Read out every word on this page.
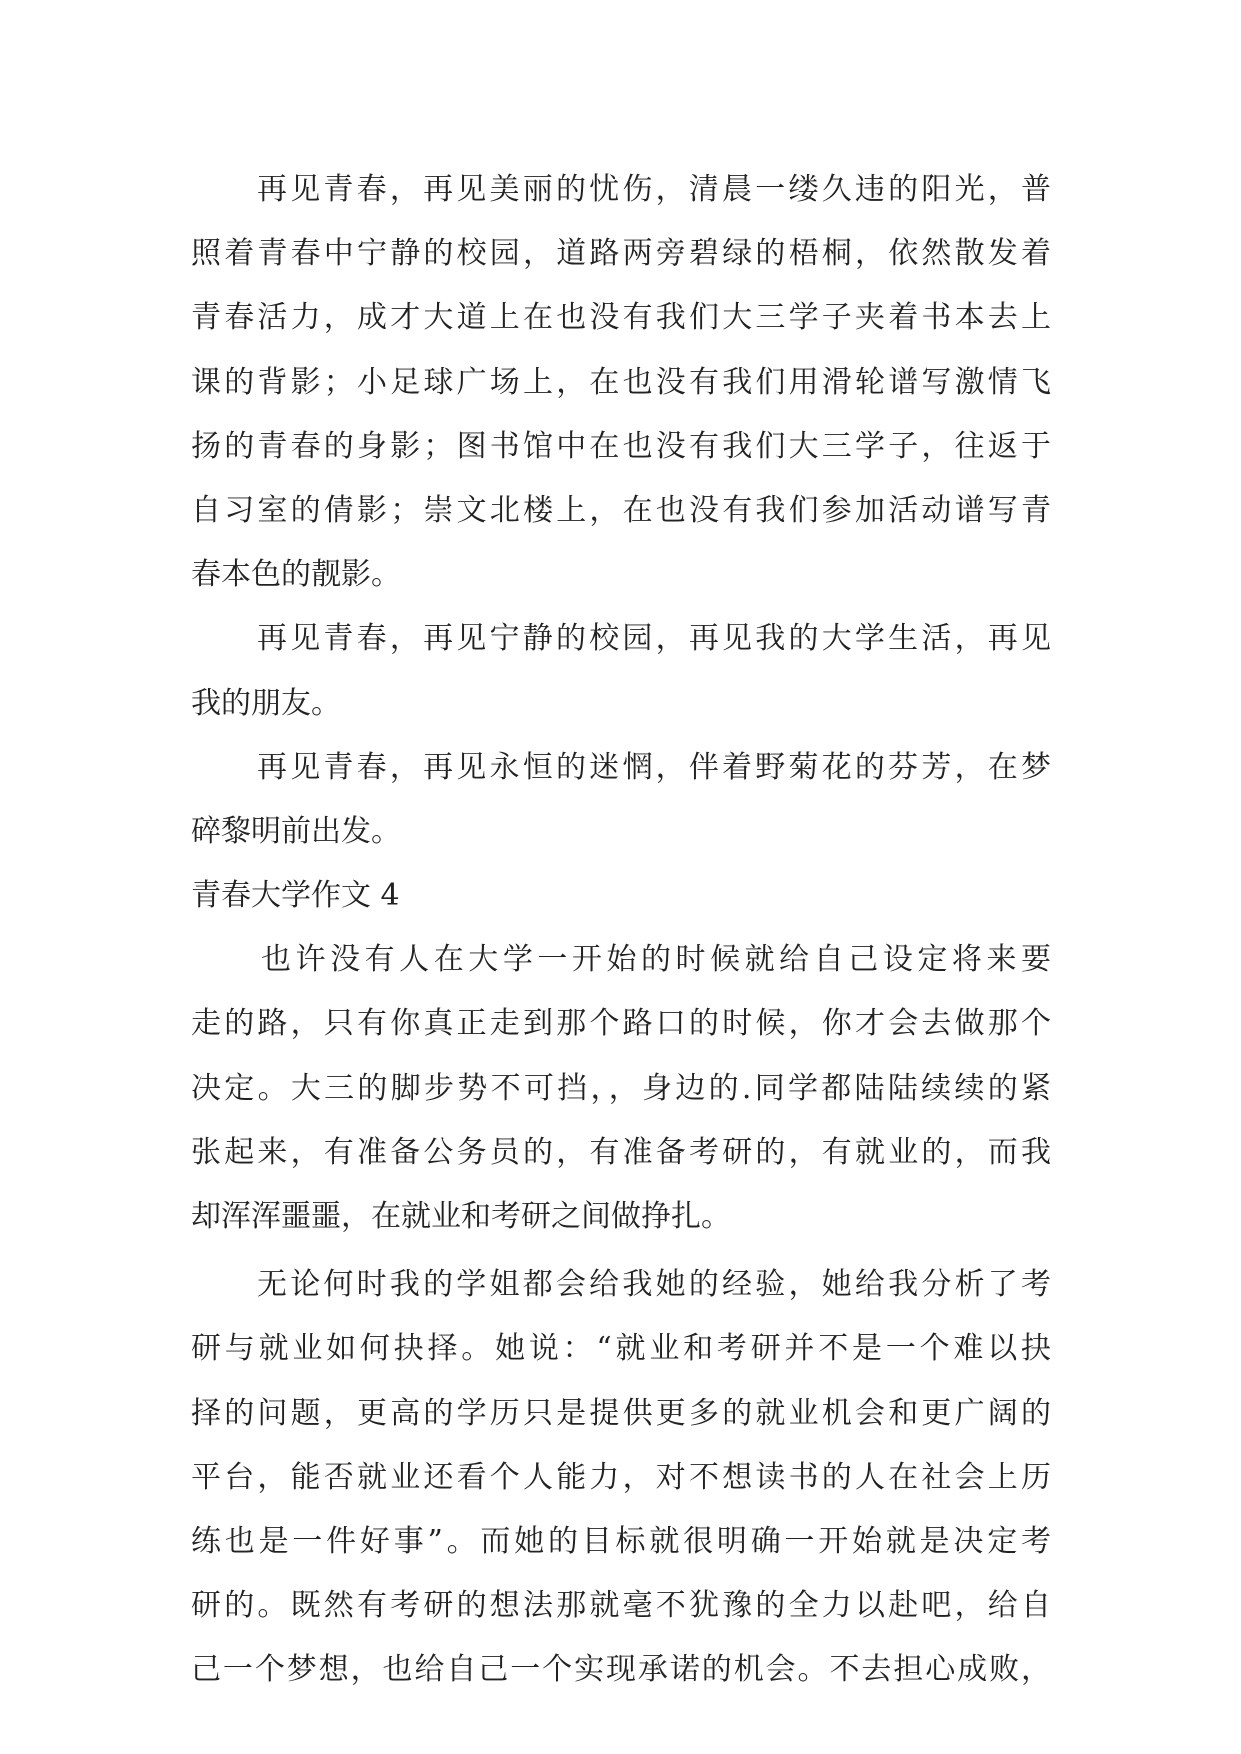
再见青春，再见美丽的忧伤，清晨一缕久违的阳光，普
照着青春中宁静的校园，道路两旁碧绿的梧桐，依然散发着
青春活力，成才大道上在也没有我们大三学子夹着书本去上
课的背影；小足球广场上，在也没有我们用滑轮谱写激情飞
扬的青春的身影；图书馆中在也没有我们大三学子，往返于
自习室的倩影；崇文北楼上，在也没有我们参加活动谱写青
春本色的靓影。
再见青春，再见宁静的校园，再见我的大学生活，再见
我的朋友。
再见青春，再见永恒的迷惘，伴着野菊花的芬芳，在梦
碎黎明前出发。
青春大学作文 4
也许没有人在大学一开始的时候就给自己设定将来要
走的路，只有你真正走到那个路口的时候，你才会去做那个
决定。大三的脚步势不可挡，，身边的.同学都陆陆续续的紧
张起来，有准备公务员的，有准备考研的，有就业的，而我
却浑浑噩噩，在就业和考研之间做挣扎。
无论何时我的学姐都会给我她的经验，她给我分析了考
研与就业如何抉择。她说：“就业和考研并不是一个难以抉
择的问题，更高的学历只是提供更多的就业机会和更广阔的
平台，能否就业还看个人能力，对不想读书的人在社会上历
练也是一件好事”。而她的目标就很明确一开始就是决定考
研的。既然有考研的想法那就毫不犹豫的全力以赴吧，给自
己一个梦想，也给自己一个实现承诺的机会。不去担心成败，
